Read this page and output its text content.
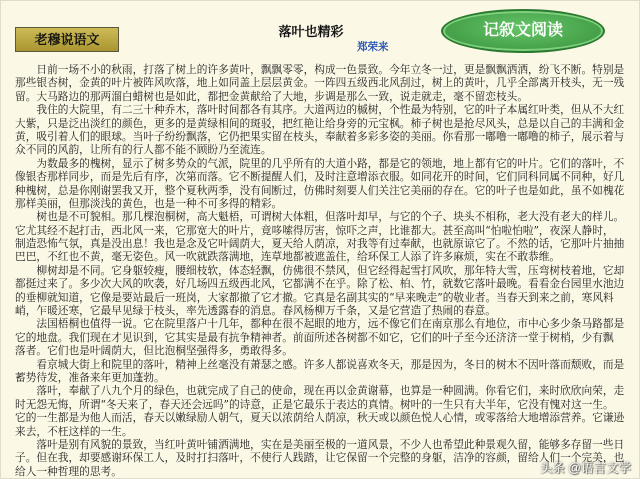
老穆说语文	落叶也精彩
郑荣来
记叙文阅读
日前一场不小的秋雨，打落了树上的许多黄叶，飘飘零零，构成一色景致。今年立冬一过，更是飘飘洒洒，纷飞不断。特别是
那些银杏树，金黄的叶片被阵风吹落，地上如同盖上层层黄金。一阵四五级西北风刮过，树上的黄叶，几乎全部离开枝头，无一残
留。大马路边的那两溜白蜡树也是如此，都把金黄献给了大地，步调是那么一致，说走就走，毫不留恋枝头。
我住的大院里，有二三十种乔木，落叶时间都各有其序。大道两边的槭树，个性最为特别，它的叶子本属红叶类，但从不大红
大紫，只是泛出淡红的颜色，更多的是黄绿相间的斑驳，把红艳让给身旁的元宝枫。柿子树也是抢尽风头，总是以自己的丰满和金
黄，吸引着人们的眼球。当叶子纷纷飘落，它仍把果实留在枝头，奉献着多彩多姿的美丽。你看那一嘟噜一嘟噜的柿子，展示着与
众不同的风韵，让所有的行人都不能不顾盼乃至流连。
为数最多的槐树，显示了树多势众的气派，院里的几乎所有的大道小路，都是它的领地，地上都有它的叶片。它们的落叶，不
像银杏那样同步，而是先后有序，次第而落。它不断提醒人们，及时注意增添衣服。如同花开的时间，它们同科同属不同种，好几
种槐树，总是你刚谢罢我又开，整个夏秋两季，没有间断过，仿佛时刻要人们关注它美丽的存在。它的叶子也是如此，虽不如槐花
那样美丽，但那淡浅的黄色，也是一种不可多得的精彩。
树也是不可貌相。那几棵泡桐树，高大魁梧，可谓树大体粗，但落叶却早，与它的个子、块头不相称，老大没有老大的样儿。
它尤其经不起打击，西北风一来，它那宽大的叶片，竟哆嗦得厉害，惊吓之声，比谁都大。甚至高叫“怕啦怕啦”，夜深人静时，
制造恐怖气氛，真是没出息！我也是念及它叶阔荫大，夏天给人荫凉，对我等有过奉献，也就原谅它了。不然的话，它那叶片抽抽
巴巴，不红也不黄，毫无姿色。风一吹就跌落满地，连草地都被遮盖住，给环保工人添了许多麻烦，实在不敢恭维。
柳树却是不同。它身躯较瘦，腰细枝软，体态轻飘，仿佛很不禁风，但它经得起雪打风吹，那年特大雪，压弯树枝着地，它却
都挺过来了。多少次大风的吹袭，好几场四五级西北风，它都满不在乎。除了松、柏、竹，就数它落叶最晚。看看金台园里水池边
的垂柳就知道，它像是要站最后一班岗，大家都撤了它才撤。它真是名副其实的“早来晚走”的敬业者。当春天到来之前，寒风料
峭，乍暖还寒，它最早见绿于枝头，率先透露春的消息。春风杨柳万千条，又是它营造了热闹的春意。
法国梧桐也值得一说。它在院里落户十几年，都种在很不起眼的地方，远不像它们在南京那么有地位，市中心多少条马路都是
它的地盘。我们现在才见识到，它其实是最有抗争精神者。前面所述各树都不如它，它们的叶子至今还济济一堂于树梢，少有飘
落者。它们也是叶阔荫大，但比泡桐坚强得多，勇敢得多。
看京城大街上和院里的落叶，精神上丝毫没有萧瑟之感。许多人都说喜欢冬天，那是因为，冬日的树木不因叶落而颓败，而是
蓄势待发，准备来年更加蓬勃。
落叶，奉献了八九个月的绿色，也就完成了自己的使命，现在再以金黄谢幕，也算是一种圆满。你看它们，来时欣欣向荣，走
时无怨无悔，所谓“冬天来了，春天还会远吗”的诗意，正是它最乐于表达的真情。树叶的一生只有大半年，它没有愧对这一生。
它的一生都是为他人而活，春天以嫩绿励人朝气，夏天以浓荫给人荫凉，秋天或以颜色悦人心情，或零落给大地增添营养。它谦逊
来去，不枉这样的一生。
落叶是别有风貌的景致，当红叶黄叶铺洒满地，实在是美丽至极的一道风景，不少人也希望此种景观久留，能够多存留一些日
子。但在我，却要感谢环保工人，及时打扫落叶，不使行人践踏，让它保留一个完整的身躯，洁净的容颜，留给人们一个完美，也
给人一种哲理的思考。	头条 @语言文学
